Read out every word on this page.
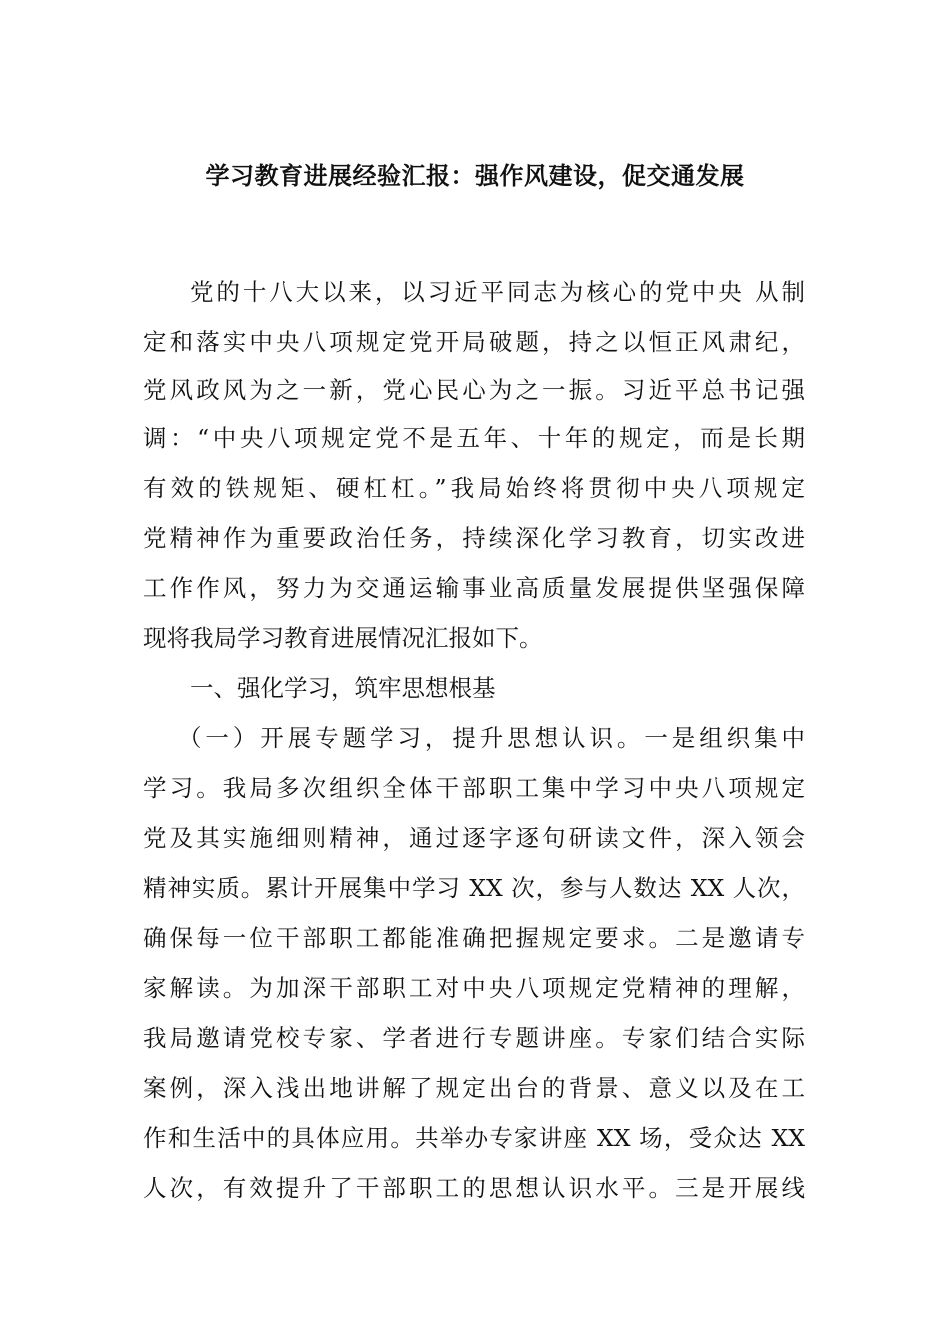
学习教育进展经验汇报：强作风建设，促交通发展
党的十八大以来，以习近平同志为核心的党中央 从制
定和落实中央八项规定党开局破题，持之以恒正风肃纪，
党风政风为之一新，党心民心为之一振。习近平总书记强
调：“中央八项规定党不是五年、十年的规定，而是长期
有效的铁规矩、硬杠杠。”我局始终将贯彻中央八项规定
党精神作为重要政治任务，持续深化学习教育，切实改进
工作作风，努力为交通运输事业高质量发展提供坚强保障
现将我局学习教育进展情况汇报如下。
一、强化学习，筑牢思想根基
（一）开展专题学习，提升思想认识。一是组织集中
学习。我局多次组织全体干部职工集中学习中央八项规定
党及其实施细则精神，通过逐字逐句研读文件，深入领会
精神实质。累计开展集中学习 XX 次，参与人数达 XX 人次，
确保每一位干部职工都能准确把握规定要求。二是邀请专
家解读。为加深干部职工对中央八项规定党精神的理解，
我局邀请党校专家、学者进行专题讲座。专家们结合实际
案例，深入浅出地讲解了规定出台的背景、意义以及在工
作和生活中的具体应用。共举办专家讲座 XX 场，受众达 XX
人次，有效提升了干部职工的思想认识水平。三是开展线
